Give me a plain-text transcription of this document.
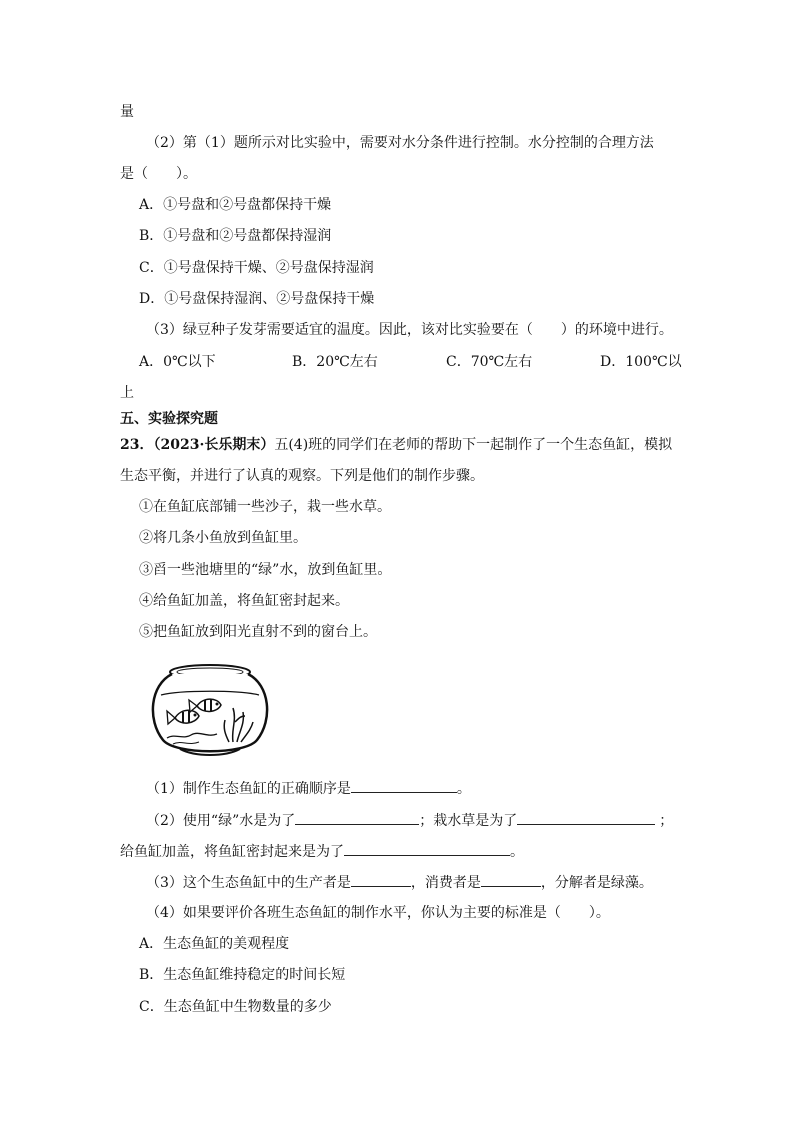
量
（2）第（1）题所示对比实验中，需要对水分条件进行控制。水分控制的合理方法
是（　　）。
A．①号盘和②号盘都保持干燥
B．①号盘和②号盘都保持湿润
C．①号盘保持干燥、②号盘保持湿润
D．①号盘保持湿润、②号盘保持干燥
（3）绿豆种子发芽需要适宜的温度。因此，该对比实验要在（　　）的环境中进行。
A．0℃以下	B．20℃左右	C．70℃左右	D．100℃以
上
五、实验探究题
23．（2023·长乐期末）五(4)班的同学们在老师的帮助下一起制作了一个生态鱼缸，模拟
生态平衡，并进行了认真的观察。下列是他们的制作步骤。
①在鱼缸底部铺一些沙子，栽一些水草。
②将几条小鱼放到鱼缸里。
③舀一些池塘里的“绿”水，放到鱼缸里。
④给鱼缸加盖，将鱼缸密封起来。
⑤把鱼缸放到阳光直射不到的窗台上。
（1）制作生态鱼缸的正确顺序是	。
（2）使用“绿”水是为了	；栽水草是为了	；
给鱼缸加盖，将鱼缸密封起来是为了	。
（3）这个生态鱼缸中的生产者是	，消费者是	，分解者是绿藻。
（4）如果要评价各班生态鱼缸的制作水平，你认为主要的标准是（　　）。
A．生态鱼缸的美观程度
B．生态鱼缸维持稳定的时间长短
C．生态鱼缸中生物数量的多少
